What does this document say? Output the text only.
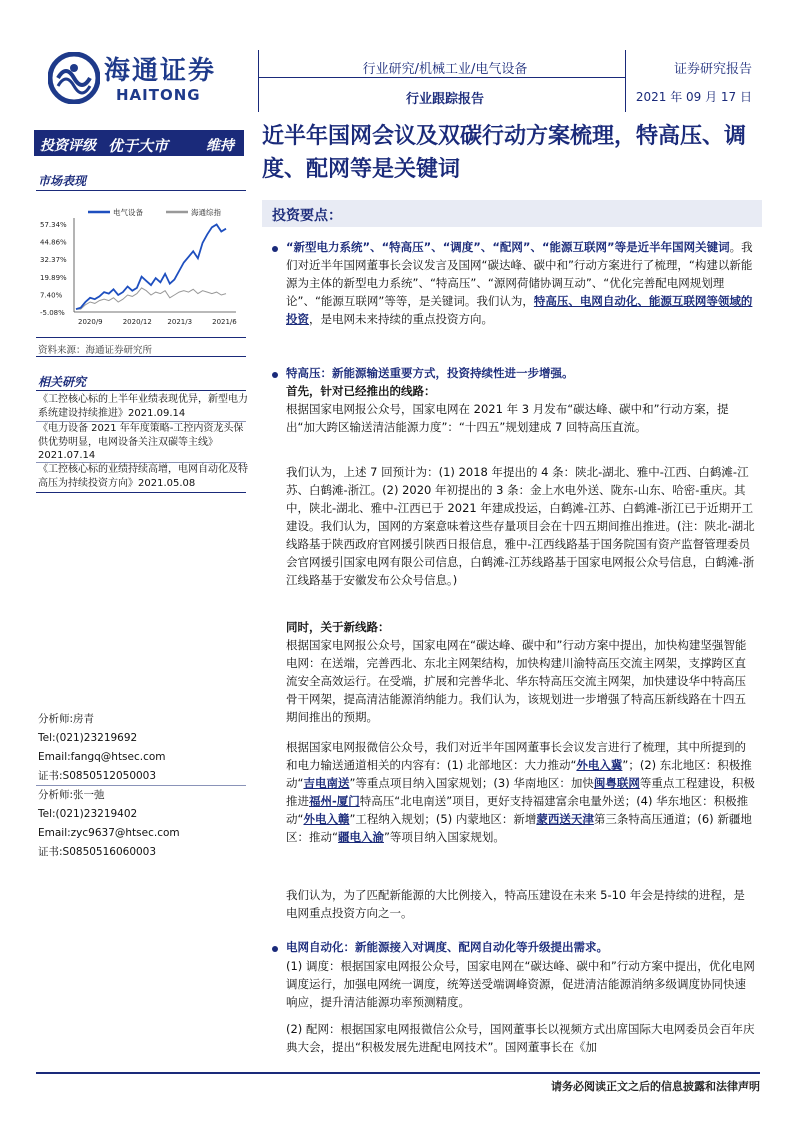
海通证券
HAITONG
行业研究/机械工业/电气设备
行业跟踪报告
证券研究报告
2021 年 09 月 17 日
投资评级 优于大市	维持 近半年国网会议及双碳行动方案梳理，特高压、调度、配网等是关键词
市场表现
57.34%
44.86%
32.37%
19.89%
7.40%
-5.08%
2020/9	2020/12 2021/3	2021/6
电气设备	海通综指
资料来源：海通证券研究所
相关研究
《工控核心标的上半年业绩表现优异，新型电力系统建设持续推进》2021.09.14
《电力设备 2021 年年度策略-工控内资龙头保供优势明显，电网设备关注双碳等主线》2021.07.14
《工控核心标的业绩持续高增，电网自动化及特高压为持续投资方向》2021.05.08
分析师:房青
Tel:(021)23219692
Email:fangq@htsec.com
证书:S0850512050003
分析师:张一弛
Tel:(021)23219402
Email:zyc9637@htsec.com
证书:S0850516060003
投资要点：
“新型电力系统”、“特高压”、“调度”、“配网”、“能源互联网”等是近半年国网关键词。我们对近半年国网董事长会议发言及国网“碳达峰、碳中和”行动方案进行了梳理，“构建以新能源为主体的新型电力系统”、“特高压”、“源网荷储协调互动”、“优化完善配电网规划理论”、“能源互联网”等等，是关键词。我们认为，特高压、电网自动化、能源互联网等领域的投资，是电网未来持续的重点投资方向。
特高压：新能源输送重要方式，投资持续性进一步增强。
首先，针对已经推出的线路：
根据国家电网报公众号，国家电网在 2021 年 3 月发布“碳达峰、碳中和”行动方案，提出“加大跨区输送清洁能源力度”：“十四五”规划建成 7 回特高压直流。
我们认为，上述 7 回预计为：(1) 2018 年提出的 4 条：陕北-湖北、雅中-江西、白鹤滩-江苏、白鹤滩-浙江。(2) 2020 年初提出的 3 条：金上水电外送、陇东-山东、哈密-重庆。其中，陕北-湖北、雅中-江西已于 2021 年建成投运，白鹤滩-江苏、白鹤滩-浙江已于近期开工建设。我们认为，国网的方案意味着这些存量项目会在十四五期间推出推进。(注：陕北-湖北线路基于陕西政府官网援引陕西日报信息，雅中-江西线路基于国务院国有资产监督管理委员会官网援引国家电网有限公司信息，白鹤滩-江苏线路基于国家电网报公众号信息，白鹤滩-浙江线路基于安徽发布公众号信息。)
同时，关于新线路：
根据国家电网报公众号，国家电网在“碳达峰、碳中和”行动方案中提出，加快构建坚强智能电网：在送端，完善西北、东北主网架结构，加快构建川渝特高压交流主网架，支撑跨区直流安全高效运行。在受端，扩展和完善华北、华东特高压交流主网架，加快建设华中特高压骨干网架，提高清洁能源消纳能力。我们认为，该规划进一步增强了特高压新线路在十四五期间推出的预期。
根据国家电网报微信公众号，我们对近半年国网董事长会议发言进行了梳理，其中所提到的和电力输送通道相关的内容有：(1) 北部地区：大力推动“外电入冀”；(2) 东北地区：积极推动“吉电南送”等重点项目纳入国家规划；(3) 华南地区：加快闽粤联网等重点工程建设，积极推进福州-厦门特高压“北电南送”项目，更好支持福建富余电量外送；(4) 华东地区：积极推动“外电入赣”工程纳入规划；(5) 内蒙地区：新增蒙西送天津第三条特高压通道；(6) 新疆地区：推动“疆电入渝”等项目纳入国家规划。
我们认为，为了匹配新能源的大比例接入，特高压建设在未来 5-10 年会是持续的进程，是电网重点投资方向之一。
电网自动化：新能源接入对调度、配网自动化等升级提出需求。
(1) 调度：根据国家电网报公众号，国家电网在“碳达峰、碳中和”行动方案中提出，优化电网调度运行，加强电网统一调度，统筹送受端调峰资源，促进清洁能源消纳多级调度协同快速响应，提升清洁能源功率预测精度。
(2) 配网：根据国家电网报微信公众号，国网董事长以视频方式出席国际大电网委员会百年庆典大会，提出“积极发展先进配电网技术”。国网董事长在《加
请务必阅读正文之后的信息披露和法律声明
